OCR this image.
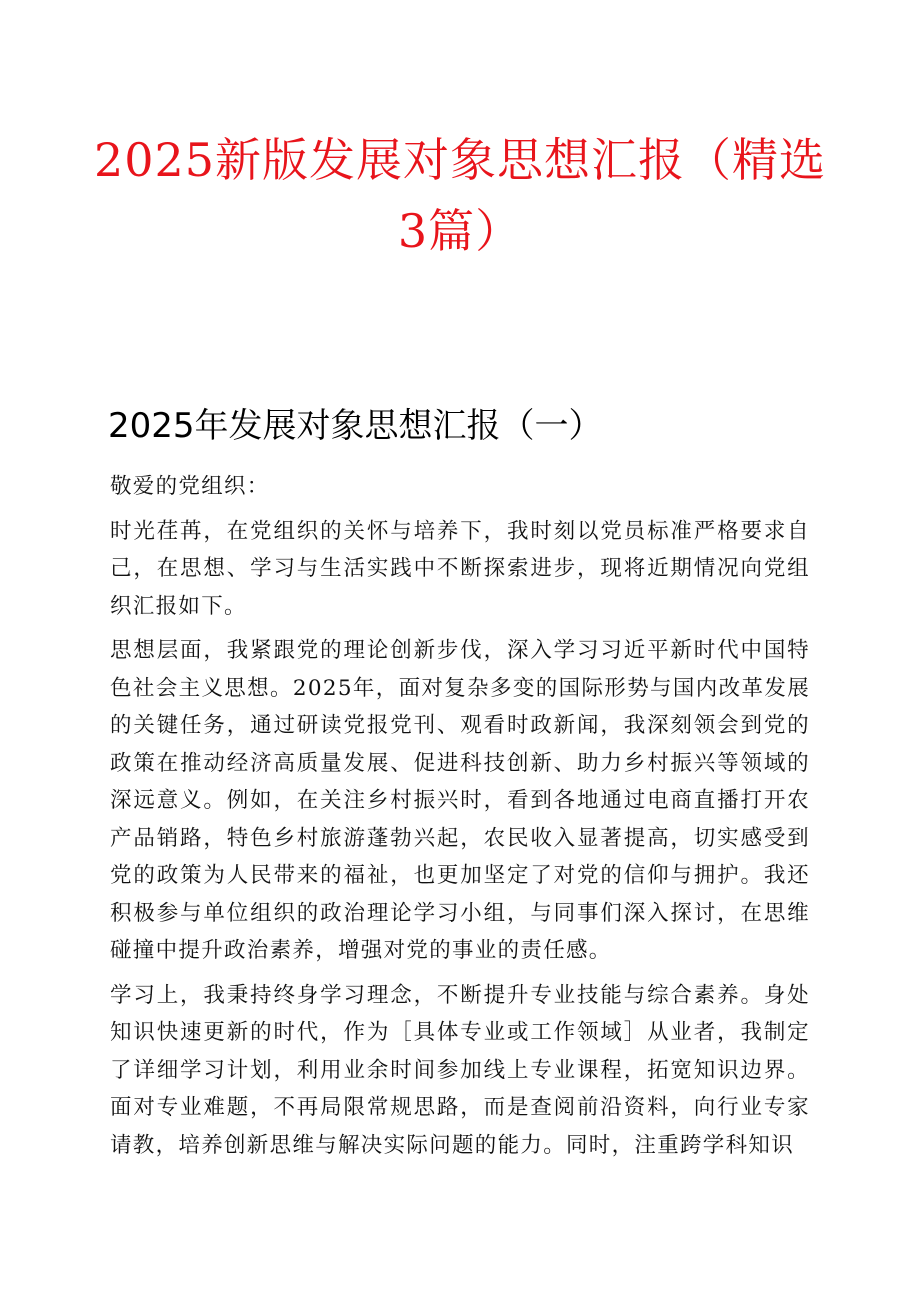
2025新版发展对象思想汇报（精选3篇）
2025年发展对象思想汇报（一）

敬爱的党组织：

时光荏苒，在党组织的关怀与培养下，我时刻以党员标准严格要求自己，在思想、学习与生活实践中不断探索进步，现将近期情况向党组织汇报如下。

思想层面，我紧跟党的理论创新步伐，深入学习习近平新时代中国特色社会主义思想。2025年，面对复杂多变的国际形势与国内改革发展的关键任务，通过研读党报党刊、观看时政新闻，我深刻领会到党的政策在推动经济高质量发展、促进科技创新、助力乡村振兴等领域的深远意义。例如，在关注乡村振兴时，看到各地通过电商直播打开农产品销路，特色乡村旅游蓬勃兴起，农民收入显著提高，切实感受到党的政策为人民带来的福祉，也更加坚定了对党的信仰与拥护。我还积极参与单位组织的政治理论学习小组，与同事们深入探讨，在思维碰撞中提升政治素养，增强对党的事业的责任感。

学习上，我秉持终身学习理念，不断提升专业技能与综合素养。身处知识快速更新的时代，作为［具体专业或工作领域］从业者，我制定了详细学习计划，利用业余时间参加线上专业课程，拓宽知识边界。面对专业难题，不再局限常规思路，而是查阅前沿资料，向行业专家请教，培养创新思维与解决实际问题的能力。同时，注重跨学科知识
